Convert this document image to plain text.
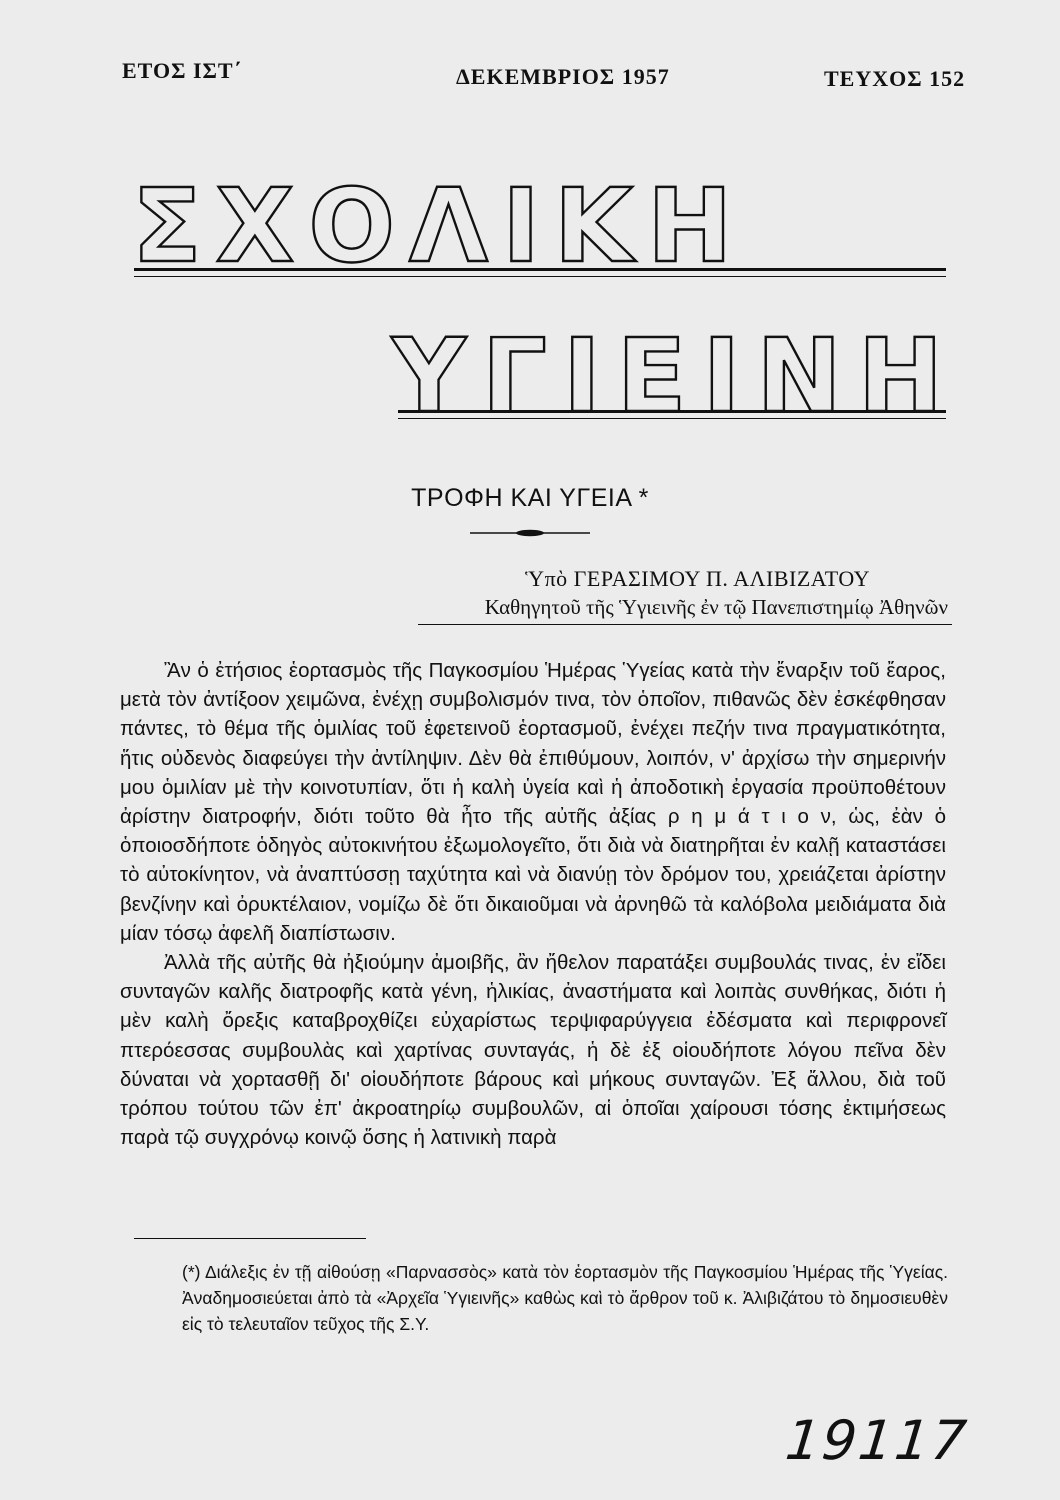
ΕΤΟΣ ΙΣΤ΄	ΔΕΚΕΜΒΡΙΟΣ 1957	ΤΕΥΧΟΣ 152
ΣΧΟΛΙΚΗ
ΥΓΙΕΙΝΗ
ΤΡΟΦΗ ΚΑΙ ΥΓΕΙΑ *
Ὑπὸ ΓΕΡΑΣΙΜΟΥ Π. ΑΛΙΒΙΖΑΤΟΥ
Καθηγητοῦ τῆς Ὑγιεινῆς ἐν τῷ Πανεπιστημίῳ Ἀθηνῶν

Ἂν ὁ ἐτήσιος ἑορτασμὸς τῆς Παγκοσμίου Ἡμέρας Ὑγείας κατὰ τὴν ἔναρξιν τοῦ ἔαρος, μετὰ τὸν ἀντίξοον χειμῶνα, ἐνέχῃ συμβολισμόν τινα, τὸν ὁποῖον, πιθανῶς δὲν ἐσκέφθησαν πάντες, τὸ θέμα τῆς ὁμιλίας τοῦ ἐφετεινοῦ ἑορτασμοῦ, ἐνέχει πεζήν τινα πραγματικότητα, ἥτις οὐδενὸς διαφεύγει τὴν ἀντίληψιν. Δὲν θὰ ἐπιθύμουν, λοιπόν, ν' ἀρχίσω τὴν σημερινήν μου ὁμιλίαν μὲ τὴν κοινοτυπίαν, ὅτι ἡ καλὴ ὑγεία καὶ ἡ ἀποδοτικὴ ἐργασία προϋποθέτουν ἀρίστην διατροφήν, διότι τοῦτο θὰ ἦτο τῆς αὐτῆς ἀξίας ρ η μ ά τ ι ο ν, ὡς, ἐὰν ὁ ὁποιοσδήποτε ὁδηγὸς αὐτοκινήτου ἐξωμολογεῖτο, ὅτι διὰ νὰ διατηρῆται ἐν καλῇ καταστάσει τὸ αὐτοκίνητον, νὰ ἀναπτύσσῃ ταχύτητα καὶ νὰ διανύῃ τὸν δρόμον του, χρειάζεται ἀρίστην βενζίνην καὶ ὀρυκτέλαιον, νομίζω δὲ ὅτι δικαιοῦμαι νὰ ἀρνηθῶ τὰ καλόβολα μειδιάματα διὰ μίαν τόσῳ ἀφελῆ διαπίστωσιν.

Ἀλλὰ τῆς αὐτῆς θὰ ἠξιούμην ἀμοιβῆς, ἂν ἤθελον παρατάξει συμβουλάς τινας, ἐν εἴδει συνταγῶν καλῆς διατροφῆς κατὰ γένη, ἡλικίας, ἀναστήματα καὶ λοιπὰς συνθήκας, διότι ἡ μὲν καλὴ ὄρεξις καταβροχθίζει εὐχαρίστως τερψιφαρύγγεια ἐδέσματα καὶ περιφρονεῖ πτερόεσσας συμβουλὰς καὶ χαρτίνας συνταγάς, ἡ δὲ ἐξ οἱουδήποτε λόγου πεῖνα δὲν δύναται νὰ χορτασθῇ δι' οἱουδήποτε βάρους καὶ μήκους συνταγῶν. Ἐξ ἄλλου, διὰ τοῦ τρόπου τούτου τῶν ἐπ' ἀκροατηρίῳ συμβουλῶν, αἱ ὁποῖαι χαίρουσι τόσης ἐκτιμήσεως παρὰ τῷ συγχρόνῳ κοινῷ ὅσης ἡ λατινικὴ παρὰ

(*) Διάλεξις ἐν τῇ αἰθούσῃ «Παρνασσὸς» κατὰ τὸν ἑορτασμὸν τῆς Παγκοσμίου Ἡμέρας τῆς Ὑγείας. Ἀναδημοσιεύεται ἀπὸ τὰ «Ἀρχεῖα Ὑγιεινῆς» καθὼς καὶ τὸ ἄρθρον τοῦ κ. Ἀλιβιζάτου τὸ δημοσιευθὲν εἰς τὸ τελευταῖον τεῦχος τῆς Σ.Υ.
19117
